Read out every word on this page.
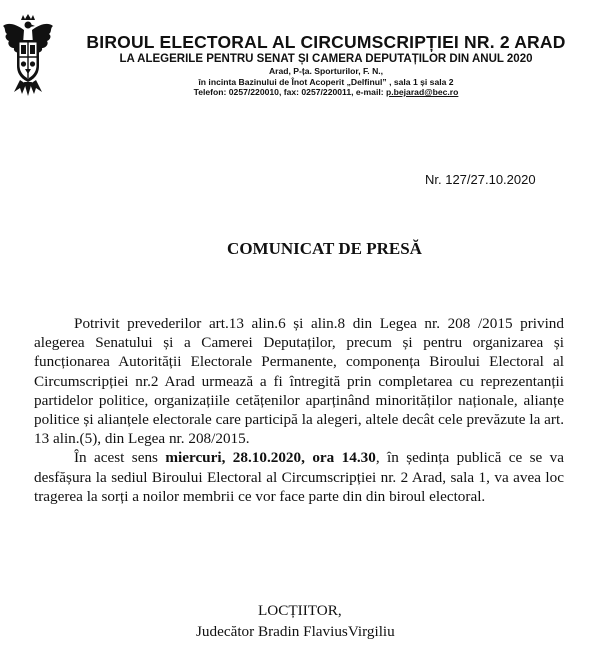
BIROUL ELECTORAL AL CIRCUMSCRIPȚIEI NR. 2 ARAD
LA ALEGERILE PENTRU SENAT ȘI CAMERA DEPUTAȚILOR DIN ANUL 2020
Arad, P-ța. Sporturilor, F. N.,
în incinta Bazinului de Înot Acoperit „Delfinul” , sala 1 și sala 2
Telefon: 0257/220010, fax: 0257/220011, e-mail: p.bejarad@bec.ro
Nr. 127/27.10.2020
COMUNICAT DE PRESĂ

Potrivit prevederilor art.13 alin.6 și alin.8 din Legea nr. 208 /2015 privind alegerea Senatului și a Camerei Deputaților, precum și pentru organizarea și funcționarea Autorității Electorale Permanente, componența Biroului Electoral al Circumscripției nr.2 Arad urmează a fi întregită prin completarea cu reprezentanții partidelor politice, organizațiile cetățenilor aparținând minorităților naționale, alianțe politice și alianțele electorale care participă la alegeri, altele decât cele prevăzute la art. 13 alin.(5), din Legea nr. 208/2015.

În acest sens miercuri, 28.10.2020, ora 14.30, în ședința publică ce se va desfășura la sediul Biroului Electoral al Circumscripției nr. 2 Arad, sala 1, va avea loc tragerea la sorți a noilor membrii ce vor face parte din din biroul electoral.

LOCȚIITOR,
Judecător Bradin FlaviusVirgiliu
